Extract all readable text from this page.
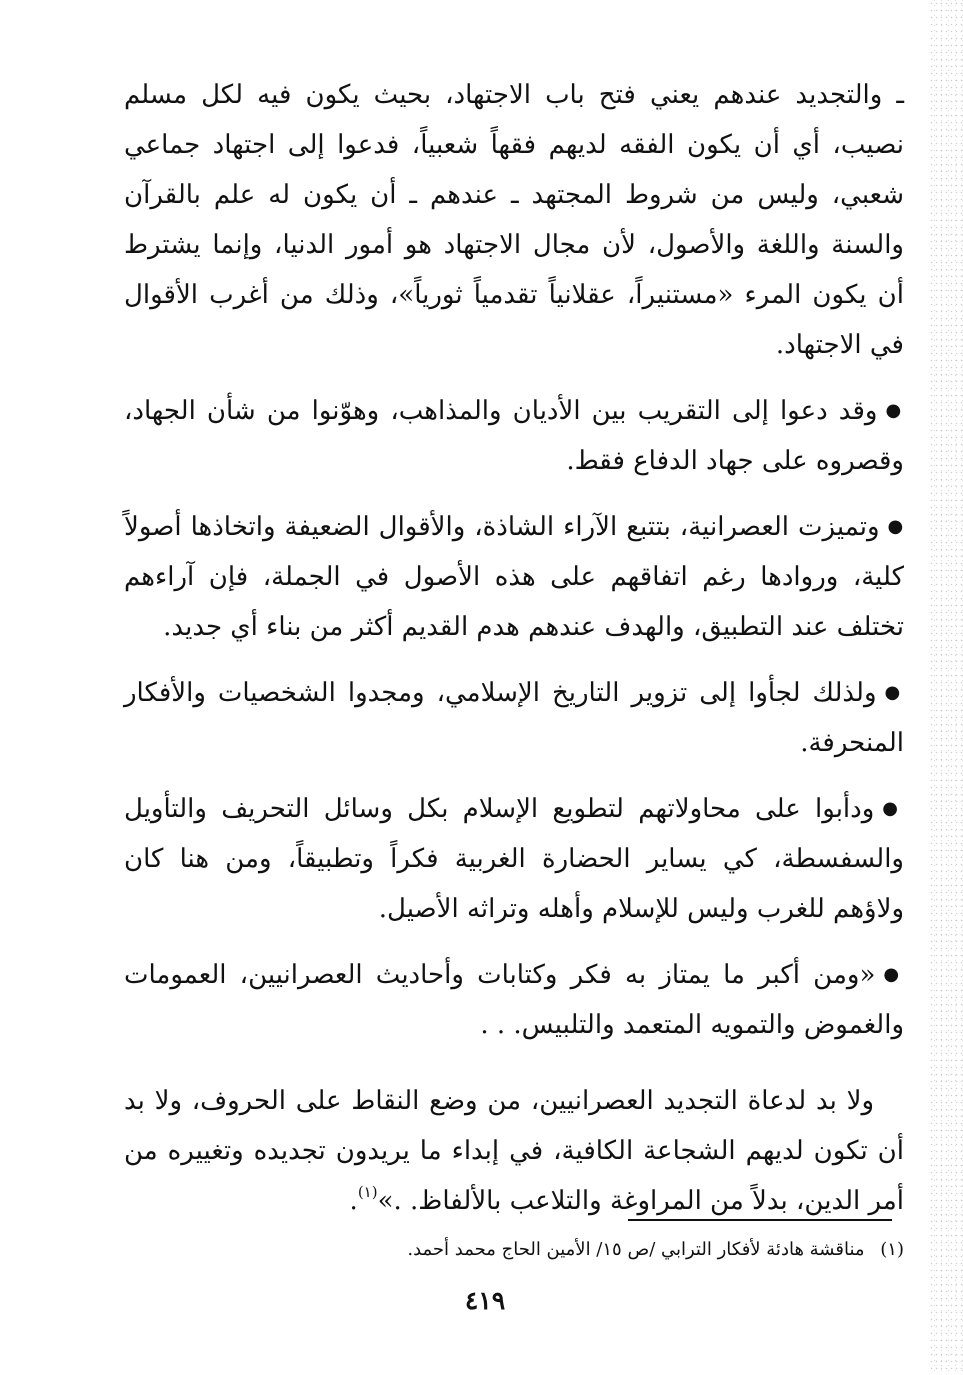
ـ والتجديد عندهم يعني فتح باب الاجتهاد، بحيث يكون فيه لكل مسلم نصيب، أي أن يكون الفقه لديهم فقهاً شعبياً، فدعوا إلى اجتهاد جماعي شعبي، وليس من شروط المجتهد ـ عندهم ـ أن يكون له علم بالقرآن والسنة واللغة والأصول، لأن مجال الاجتهاد هو أمور الدنيا، وإنما يشترط أن يكون المرء «مستنيراً، عقلانياً تقدمياً ثورياً»، وذلك من أغرب الأقوال في الاجتهاد.

●وقد دعوا إلى التقريب بين الأديان والمذاهب، وهوّنوا من شأن الجهاد، وقصروه على جهاد الدفاع فقط.

●وتميزت العصرانية، بتتبع الآراء الشاذة، والأقوال الضعيفة واتخاذها أصولاً كلية، وروادها رغم اتفاقهم على هذه الأصول في الجملة، فإن آراءهم تختلف عند التطبيق، والهدف عندهم هدم القديم أكثر من بناء أي جديد.

●ولذلك لجأوا إلى تزوير التاريخ الإسلامي، ومجدوا الشخصيات والأفكار المنحرفة.

●ودأبوا على محاولاتهم لتطويع الإسلام بكل وسائل التحريف والتأويل والسفسطة، كي يساير الحضارة الغربية فكراً وتطبيقاً، ومن هنا كان ولاؤهم للغرب وليس للإسلام وأهله وتراثه الأصيل.

●«ومن أكبر ما يمتاز به فكر وكتابات وأحاديث العصرانيين، العمومات والغموض والتمويه المتعمد والتلبيس. . .

ولا بد لدعاة التجديد العصرانيين، من وضع النقاط على الحروف، ولا بد أن تكون لديهم الشجاعة الكافية، في إبداء ما يريدون تجديده وتغييره من أمر الدين، بدلاً من المراوغة والتلاعب بالألفاظ. .»$^{(١)}$.

(١) مناقشة هادئة لأفكار الترابي /ص ١٥/ الأمين الحاج محمد أحمد.
٤١٩
